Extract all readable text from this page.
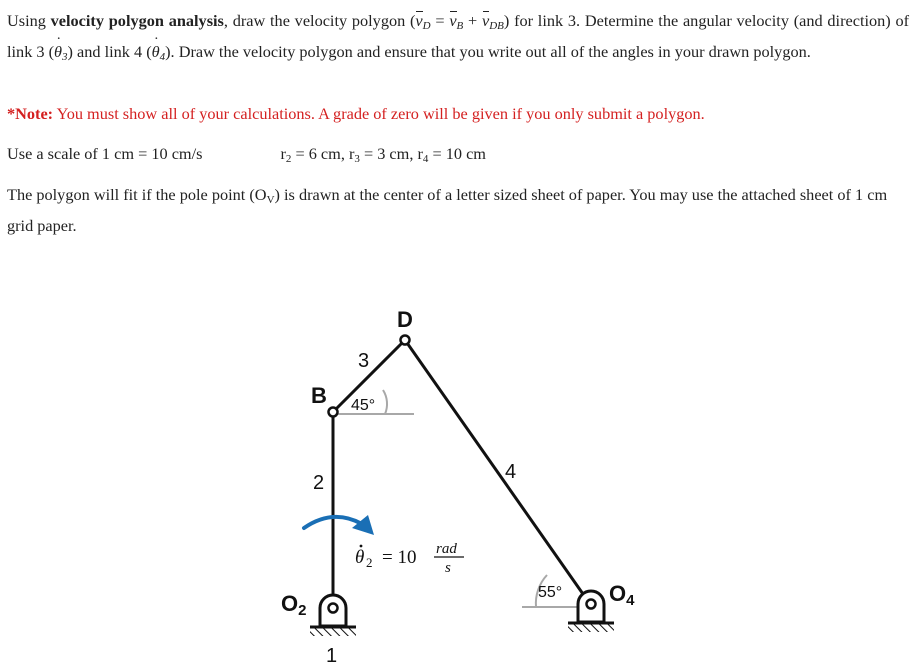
Using velocity polygon analysis, draw the velocity polygon $(v_D = v_B + v_{DB})$ for link 3. Determine the angular velocity (and direction) of link 3 (˙ θ3) and link 4 (˙ θ4). Draw the velocity polygon and ensure that you write out all of the angles in your drawn polygon.
*Note: You must show all of your calculations. A grade of zero will be given if you only submit a polygon.
Use a scale of 1 cm = 10 cm/s	r2 = 6 cm, r3 = 3 cm, r4 = 10 cm
The polygon will fit if the pole point (OV) is drawn at the center of a letter sized sheet of paper. You may use the attached sheet of 1 cm grid paper.
D
B
3
2	4
45°
55°
O2
O4
1
θ 2 = 10 rad
s
